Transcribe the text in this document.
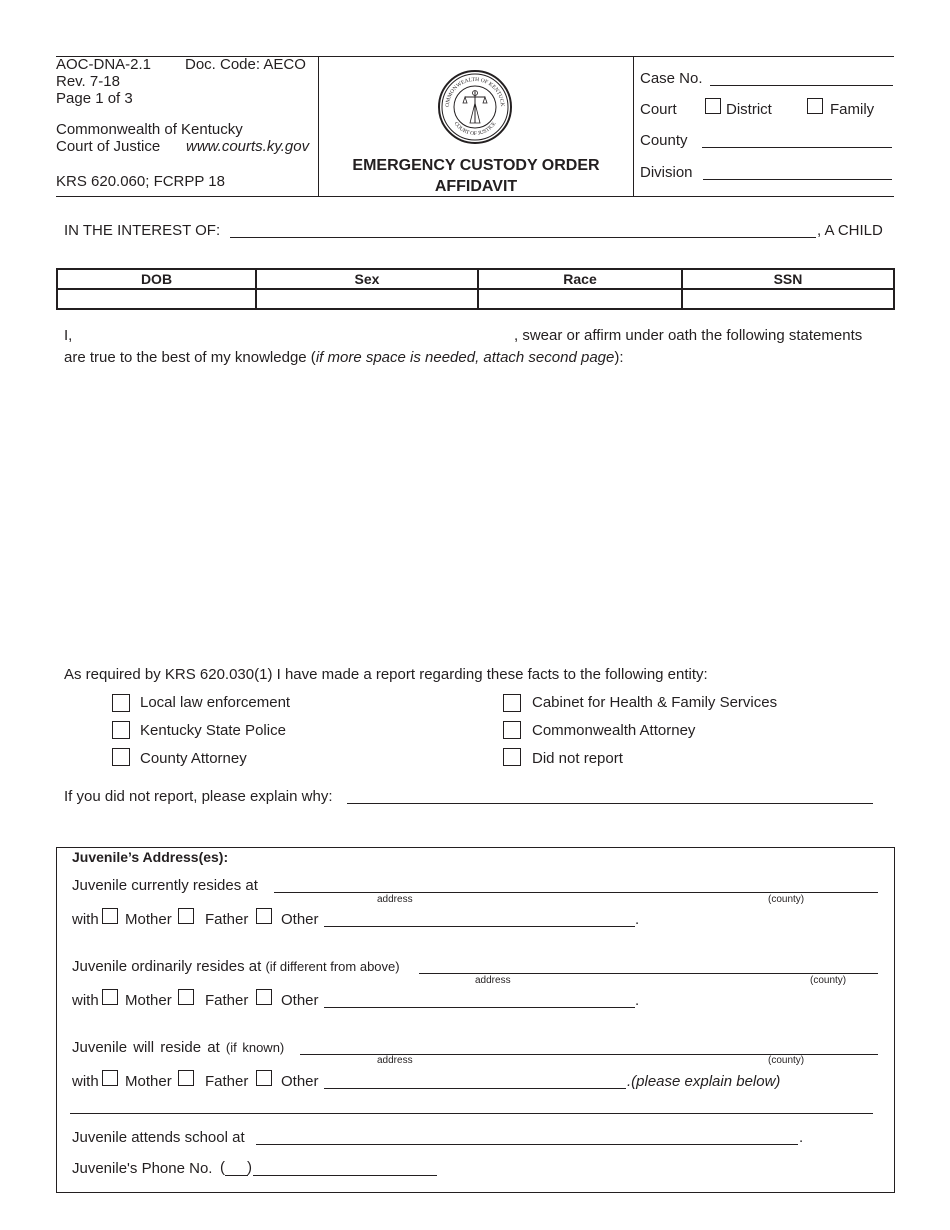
AOC-DNA-2.1 Doc. Code: AECO
Rev. 7-18
Page 1 of 3
Commonwealth of Kentucky
Court of Justice www.courts.ky.gov
KRS 620.060; FCRPP 18
OMMONWEALTH OF KENTUCK
COURT OF JUSTICE
EMERGENCY CUSTODY ORDER
AFFIDAVIT
Case No.
Court	District	Family
County
Division
IN THE INTEREST OF:	, A CHILD
DOB	Sex	Race	SSN

I,	, swear or affirm under oath the following statements
are true to the best of my knowledge (if more space is needed, attach second page):
As required by KRS 620.030(1) I have made a report regarding these facts to the following entity:
Local law enforcement
Kentucky State Police
County Attorney
Cabinet for Health & Family Services
Commonwealth Attorney
Did not report
If you did not report, please explain why:
Juvenile’s Address(es):
Juvenile currently resides at
address	(county)
with Mother Father Other	.
Juvenile ordinarily resides at (if different from above)
address	(county)
with Mother Father Other	.
Juvenile will reside at (if known)
address	(county)
with Mother Father Other	.(please explain below)
Juvenile attends school at	.
Juvenile's Phone No. ( )
